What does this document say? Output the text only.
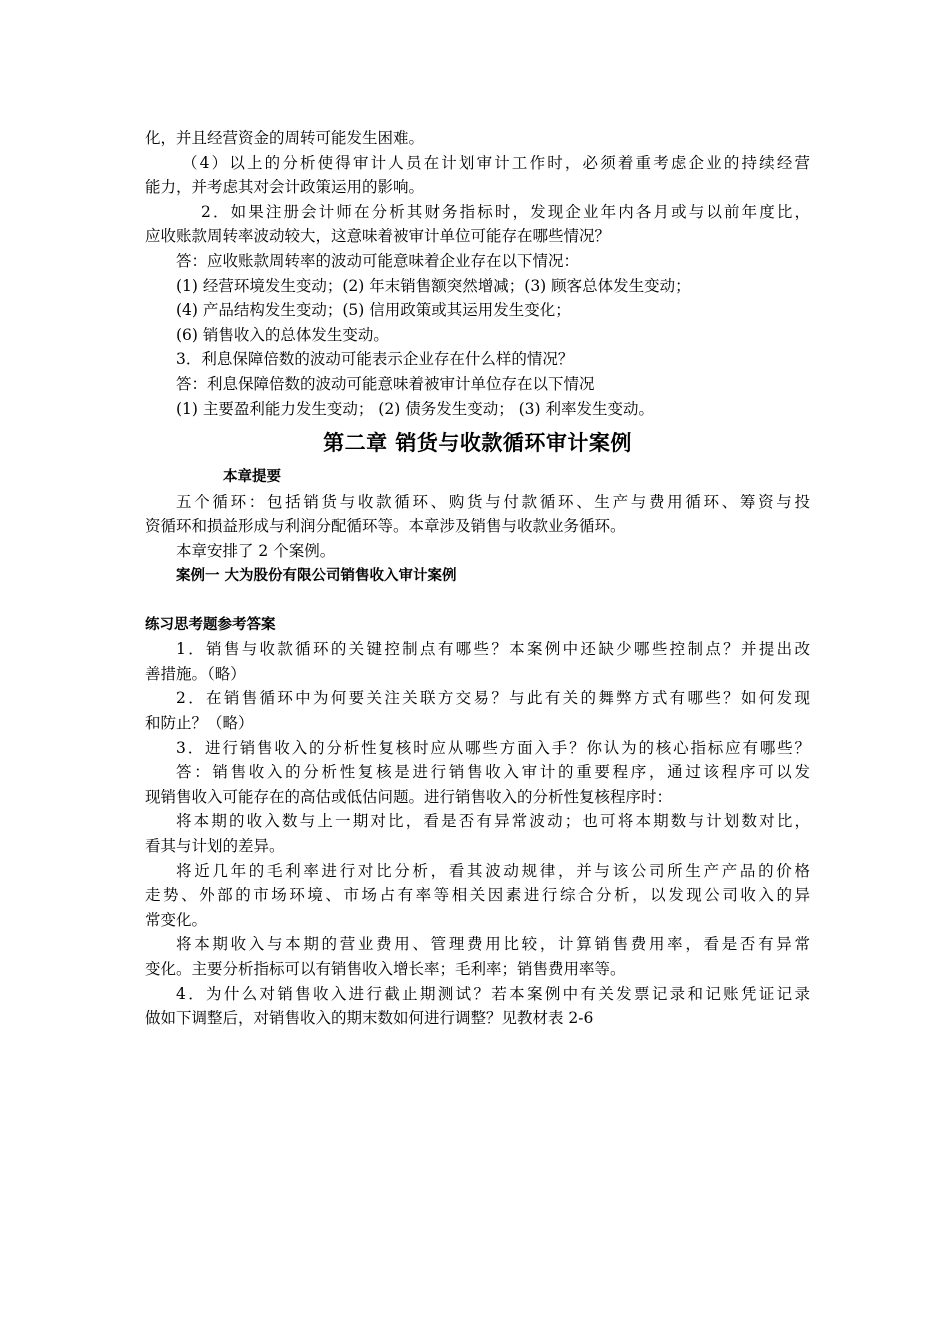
化，并且经营资金的周转可能发生困难。
（4）以上的分析使得审计人员在计划审计工作时，必须着重考虑企业的持续经营
能力，并考虑其对会计政策运用的影响。
2．如果注册会计师在分析其财务指标时，发现企业年内各月或与以前年度比，
应收账款周转率波动较大，这意味着被审计单位可能存在哪些情况？
答：应收账款周转率的波动可能意味着企业存在以下情况：
(1) 经营环境发生变动；(2) 年末销售额突然增减；(3) 顾客总体发生变动；
(4) 产品结构发生变动；(5) 信用政策或其运用发生变化；
(6) 销售收入的总体发生变动。
3．利息保障倍数的波动可能表示企业存在什么样的情况？
答：利息保障倍数的波动可能意味着被审计单位存在以下情况
(1) 主要盈利能力发生变动； (2) 债务发生变动； (3) 利率发生变动。
第二章 销货与收款循环审计案例
本章提要
五个循环：包括销货与收款循环、购货与付款循环、生产与费用循环、筹资与投
资循环和损益形成与利润分配循环等。本章涉及销售与收款业务循环。
本章安排了 2 个案例。
案例一 大为股份有限公司销售收入审计案例
练习思考题参考答案
1．销售与收款循环的关键控制点有哪些？本案例中还缺少哪些控制点？并提出改
善措施。（略）
2．在销售循环中为何要关注关联方交易？与此有关的舞弊方式有哪些？如何发现
和防止？（略）
3．进行销售收入的分析性复核时应从哪些方面入手？你认为的核心指标应有哪些？
答：销售收入的分析性复核是进行销售收入审计的重要程序，通过该程序可以发
现销售收入可能存在的高估或低估问题。进行销售收入的分析性复核程序时：
将本期的收入数与上一期对比，看是否有异常波动；也可将本期数与计划数对比，
看其与计划的差异。
将近几年的毛利率进行对比分析，看其波动规律，并与该公司所生产产品的价格
走势、外部的市场环境、市场占有率等相关因素进行综合分析，以发现公司收入的异
常变化。
将本期收入与本期的营业费用、管理费用比较，计算销售费用率，看是否有异常
变化。主要分析指标可以有销售收入增长率；毛利率；销售费用率等。
4．为什么对销售收入进行截止期测试？若本案例中有关发票记录和记账凭证记录
做如下调整后，对销售收入的期末数如何进行调整？见教材表 2-6
